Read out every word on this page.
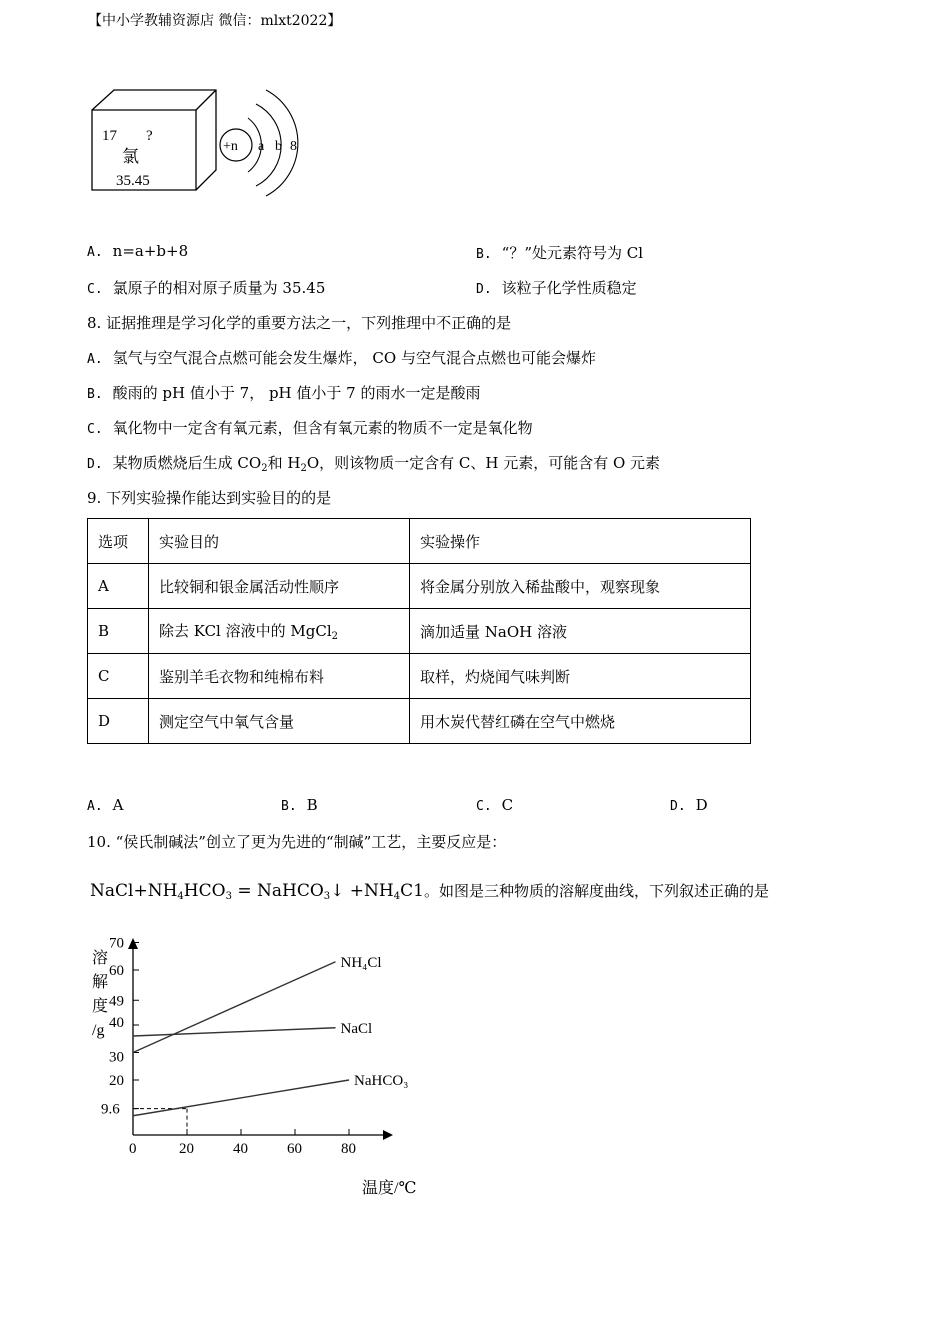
【中小学教辅资源店 微信：mlxt2022】
17 ?
氯
35.45
+n a b 8
A. n=a+b+8	B. “？”处元素符号为 Cl
C. 氯原子的相对原子质量为 35.45	D. 该粒子化学性质稳定
8. 证据推理是学习化学的重要方法之一，下列推理中不正确的是
A. 氢气与空气混合点燃可能会发生爆炸， CO 与空气混合点燃也可能会爆炸
B. 酸雨的 pH 值小于 7， pH 值小于 7 的雨水一定是酸雨
C. 氧化物中一定含有氧元素，但含有氧元素的物质不一定是氧化物
D. 某物质燃烧后生成 $CO_2$和 $H_2O$，则该物质一定含有 C、H 元素，可能含有 O 元素
9. 下列实验操作能达到实验目的的是
选项	实验目的	实验操作
A	比较铜和银金属活动性顺序	将金属分别放入稀盐酸中，观察现象
B	除去 KCl 溶液中的 MgCl$_2$	滴加适量 NaOH 溶液
C	鉴别羊毛衣物和纯棉布料	取样，灼烧闻气味判断
D	测定空气中氧气含量	用木炭代替红磷在空气中燃烧
A. A	B. B	C. C	D. D
10. “侯氏制碱法”创立了更为先进的“制碱”工艺，主要反应是：
$NaCl+NH_4HCO_3$ = NaHCO$_3$↓ $+NH_4C1$。如图是三种物质的溶解度曲线，下列叙述正确的是
溶
解
度
/g
温度/℃
0	20	40	60	80
70
60
49
40
30
20
9.6
NH₄Cl
NaCl
NaHCO₃
